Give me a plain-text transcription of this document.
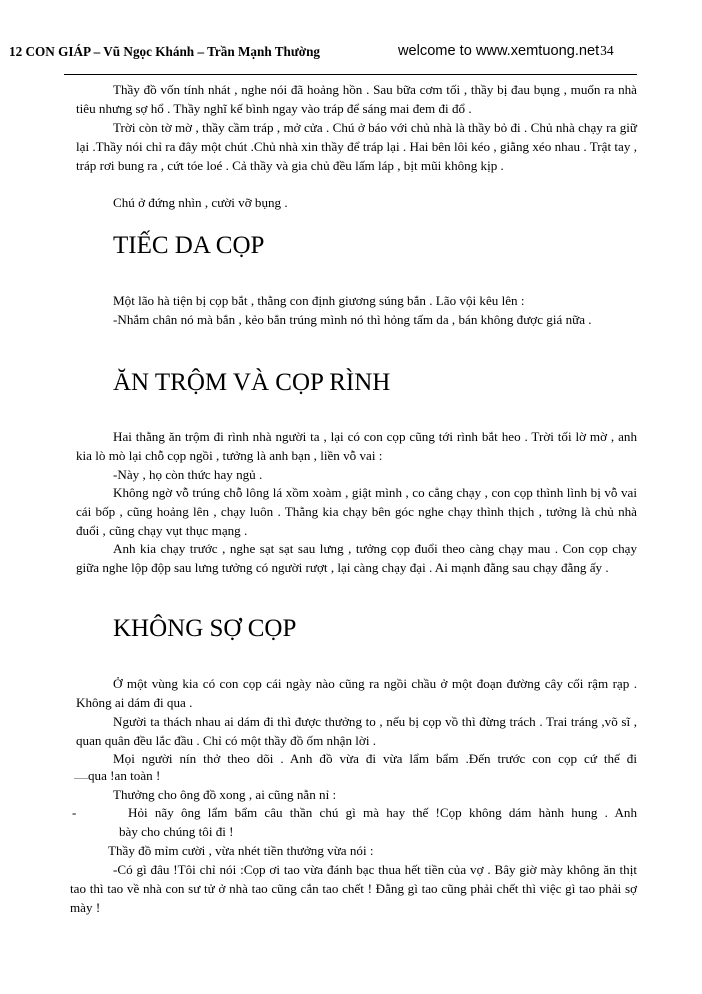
12 CON GIÁP – Vũ Ngọc Khánh – Trần Mạnh Thường	welcome to www.xemtuong.net34
Thầy đồ vốn tính nhát , nghe nói đã hoảng hồn . Sau bữa cơm tối , thầy bị đau bụng , muốn ra nhà tiêu nhưng sợ hổ . Thầy nghĩ kế bình ngay vào tráp để sáng mai đem đi đổ .
Trời còn tờ mờ , thầy cầm tráp , mở cửa . Chú ở báo với chủ nhà là thầy bỏ đi . Chủ nhà chạy ra giữ lại .Thầy nói chỉ ra đây một chút .Chủ nhà xin thầy để tráp lại . Hai bên lôi kéo , giằng xéo nhau . Trật tay , tráp rơi bung ra , cứt tóe loé . Cả thầy và gia chủ đều lấm láp , bịt mũi không kịp .
Chú ở đứng nhìn , cười vỡ bụng .
TIẾC DA CỌP
Một lão hà tiện bị cọp bắt , thằng con định giương súng bắn . Lão vội kêu lên :
-Nhắm chân nó mà bắn , kẻo bắn trúng mình nó thì hỏng tấm da , bán không được giá nữa .
ĂN TRỘM VÀ CỌP RÌNH
Hai thằng ăn trộm đi rình nhà người ta , lại có con cọp cũng tới rình bắt heo . Trời tối lờ mờ , anh kia lò mò lại chỗ cọp ngồi , tưởng là anh bạn , liền vỗ vai :
-Này , họ còn thức hay ngủ .
Không ngờ vỗ trúng chỗ lông lá xồm xoàm , giật mình , co cẳng chạy , con cọp thình lình bị vỗ vai cái bốp , cũng hoảng lên , chạy luôn . Thằng kia chạy bên góc nghe chạy thình thịch , tưởng là chủ nhà đuổi , cũng chạy vụt thục mạng .
Anh kia chạy trước , nghe sạt sạt sau lưng , tưởng cọp đuổi theo càng chạy mau . Con cọp chạy giữa nghe lộp độp sau lưng tưởng có người rượt , lại càng chạy đại . Ai mạnh đằng sau chạy đằng ấy .
KHÔNG SỢ CỌP
Ở một vùng kia có con cọp cái ngày nào cũng ra ngồi chầu ở một đoạn đường cây cối rậm rạp . Không ai dám đi qua .
Người ta thách nhau ai dám đi thì được thưởng to , nếu bị cọp vồ thì đừng trách . Trai tráng ,võ sĩ , quan quân đều lắc đầu . Chỉ có một thầy đồ ốm nhận lời .
Mọi người nín thở theo dõi . Anh đồ vừa đi vừa lẩm bẩm .Đến trước con cọp cứ thế đi
.......qua !an toàn !
Thưởng cho ông đồ xong , ai cũng nằn nỉ :
-	Hỏi nãy ông lẩm bẩm câu thần chú gì mà hay thế !Cọp không dám hành hung . Anh
bày cho chúng tôi đi !
Thầy đồ mỉm cười , vừa nhét tiền thưởng vừa nói :
-Có gì đâu !Tôi chỉ nói :Cọp ơi tao vừa đánh bạc thua hết tiền của vợ . Bây giờ mày không ăn thịt tao thì tao về nhà con sư tử ở nhà tao cũng cắn tao chết ! Đằng gì tao cũng phải chết thì việc gì tao phải sợ mày !
